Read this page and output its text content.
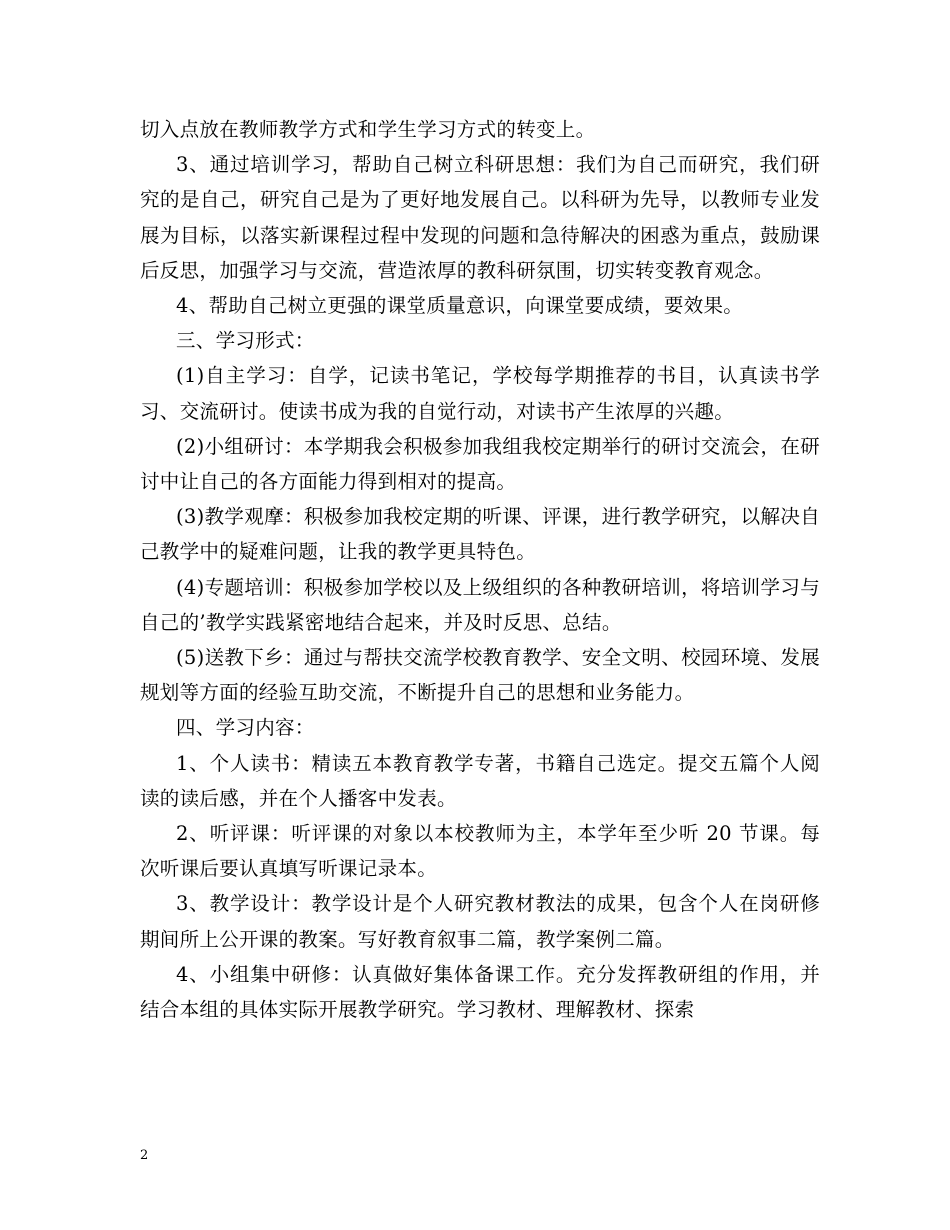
切入点放在教师教学方式和学生学习方式的转变上。

3、通过培训学习，帮助自己树立科研思想：我们为自己而研究，我们研究的是自己，研究自己是为了更好地发展自己。以科研为先导，以教师专业发展为目标，以落实新课程过程中发现的问题和急待解决的困惑为重点，鼓励课后反思，加强学习与交流，营造浓厚的教科研氛围，切实转变教育观念。

4、帮助自己树立更强的课堂质量意识，向课堂要成绩，要效果。

三、学习形式：

(1)自主学习：自学，记读书笔记，学校每学期推荐的书目，认真读书学习、交流研讨。使读书成为我的自觉行动，对读书产生浓厚的兴趣。

(2)小组研讨：本学期我会积极参加我组我校定期举行的研讨交流会，在研讨中让自己的各方面能力得到相对的提高。

(3)教学观摩：积极参加我校定期的听课、评课，进行教学研究，以解决自己教学中的疑难问题，让我的教学更具特色。

(4)专题培训：积极参加学校以及上级组织的各种教研培训，将培训学习与自己的’教学实践紧密地结合起来，并及时反思、总结。

(5)送教下乡：通过与帮扶交流学校教育教学、安全文明、校园环境、发展规划等方面的经验互助交流，不断提升自己的思想和业务能力。

四、学习内容：

1、个人读书：精读五本教育教学专著，书籍自己选定。提交五篇个人阅读的读后感，并在个人播客中发表。

2、听评课：听评课的对象以本校教师为主，本学年至少听 20 节课。每次听课后要认真填写听课记录本。

3、教学设计：教学设计是个人研究教材教法的成果，包含个人在岗研修期间所上公开课的教案。写好教育叙事二篇，教学案例二篇。

4、小组集中研修：认真做好集体备课工作。充分发挥教研组的作用，并结合本组的具体实际开展教学研究。学习教材、理解教材、探索

2
